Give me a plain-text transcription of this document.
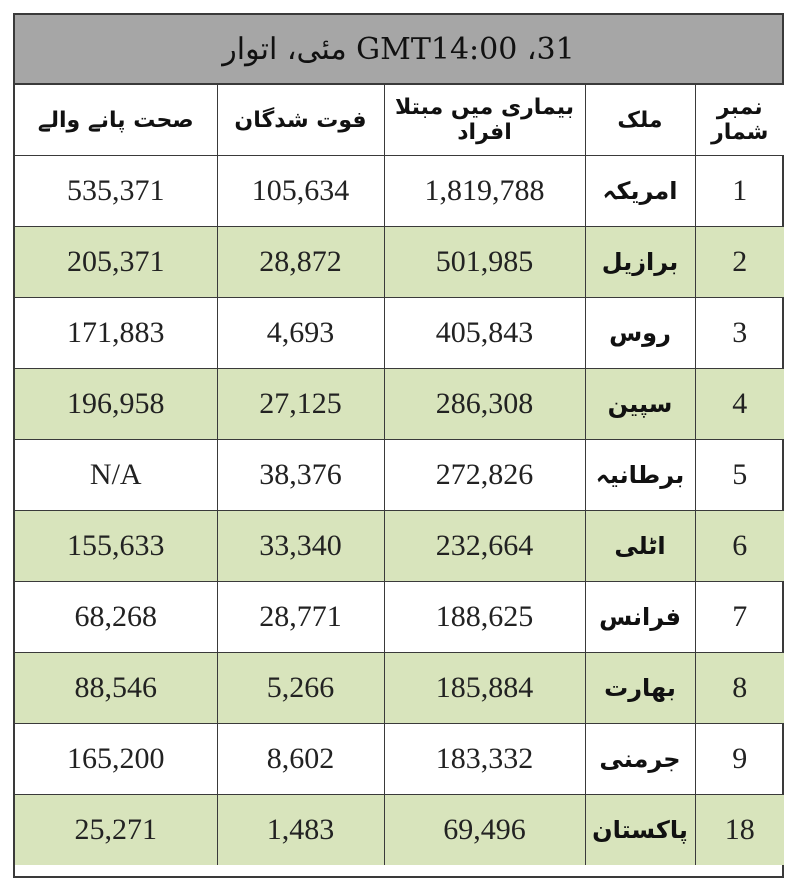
GMT14:00 ،31 مئی، اتوار
صحت پانے والے	فوت شدگان	بیماری میں مبتلا افراد	ملک	نمبر شمار
535,371	105,634	1,819,788	امریکہ	1
205,371	28,872	501,985	برازیل	2
171,883	4,693	405,843	روس	3
196,958	27,125	286,308	سپین	4
N/A	38,376	272,826	برطانیہ	5
155,633	33,340	232,664	اٹلی	6
68,268	28,771	188,625	فرانس	7
88,546	5,266	185,884	بھارت	8
165,200	8,602	183,332	جرمنی	9
25,271	1,483	69,496	پاکستان	18
